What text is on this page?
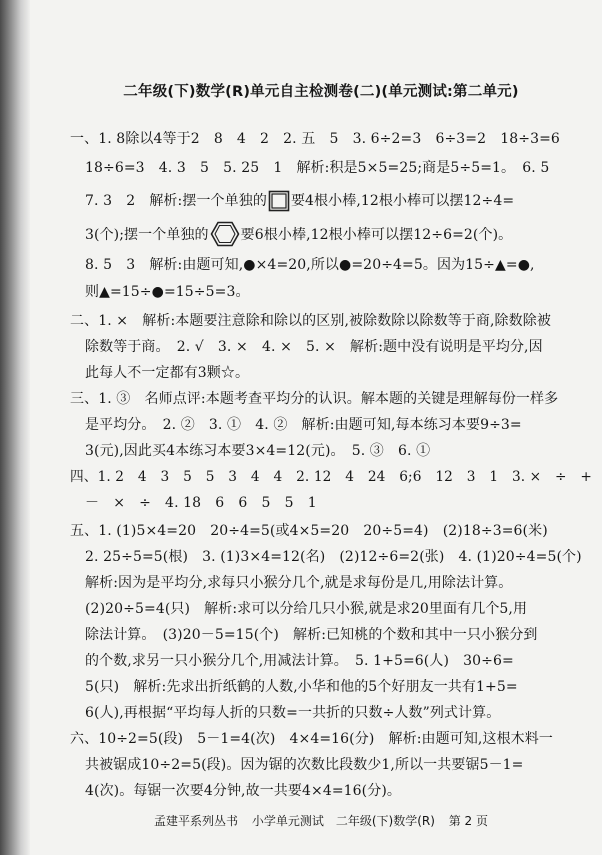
二年级(下)数学(R)单元自主检测卷(二)(单元测试:第二单元)
一、1. 8除以4等于2　8　4　2　2. 五　5　3. 6÷2=3　6÷3=2　18÷3=6
18÷6=3　4. 3　5　5. 25　1　解析:积是5×5=25;商是5÷5=1。　6. 5
7. 3　2　解析:摆一个单独的 要4根小棒,12根小棒可以摆12÷4=
3(个);摆一个单独的 要6根小棒,12根小棒可以摆12÷6=2(个)。
8. 5　3　解析:由题可知,●×4=20,所以●=20÷4=5。因为15÷▲=●,
则▲=15÷●=15÷5=3。
二、1. ×　解析:本题要注意除和除以的区别,被除数除以除数等于商,除数除被
除数等于商。　2. √　3. ×　4. ×　5. ×　解析:题中没有说明是平均分,因
此每人不一定都有3颗☆。
三、1. ③　名师点评:本题考查平均分的认识。解本题的关键是理解每份一样多
是平均分。　2. ②　3. ①　4. ②　解析:由题可知,每本练习本要9÷3=
3(元),因此买4本练习本要3×4=12(元)。　5. ③　6. ①
四、1. 2　4　3　5　5　3　4　4　2. 12　4　24　6;6　12　3　1　3. ×　÷　+
－　×　÷　4. 18　6　6　5　5　1
五、1. (1)5×4=20　20÷4=5(或4×5=20　20÷5=4)　(2)18÷3=6(米)
2. 25÷5=5(根)　3. (1)3×4=12(名)　(2)12÷6=2(张)　4. (1)20÷4=5(个)
解析:因为是平均分,求每只小猴分几个,就是求每份是几,用除法计算。
(2)20÷5=4(只)　解析:求可以分给几只小猴,就是求20里面有几个5,用
除法计算。　(3)20－5=15(个)　解析:已知桃的个数和其中一只小猴分到
的个数,求另一只小猴分几个,用减法计算。　5. 1+5=6(人)　30÷6=
5(只)　解析:先求出折纸鹤的人数,小华和他的5个好朋友一共有1+5=
6(人),再根据“平均每人折的只数=一共折的只数÷人数”列式计算。
六、10÷2=5(段)　5－1=4(次)　4×4=16(分)　解析:由题可知,这根木料一
共被锯成10÷2=5(段)。因为锯的次数比段数少1,所以一共要锯5－1=
4(次)。每锯一次要4分钟,故一共要4×4=16(分)。
孟建平系列丛书 小学单元测试　二年级(下)数学(R) 第 2 页
